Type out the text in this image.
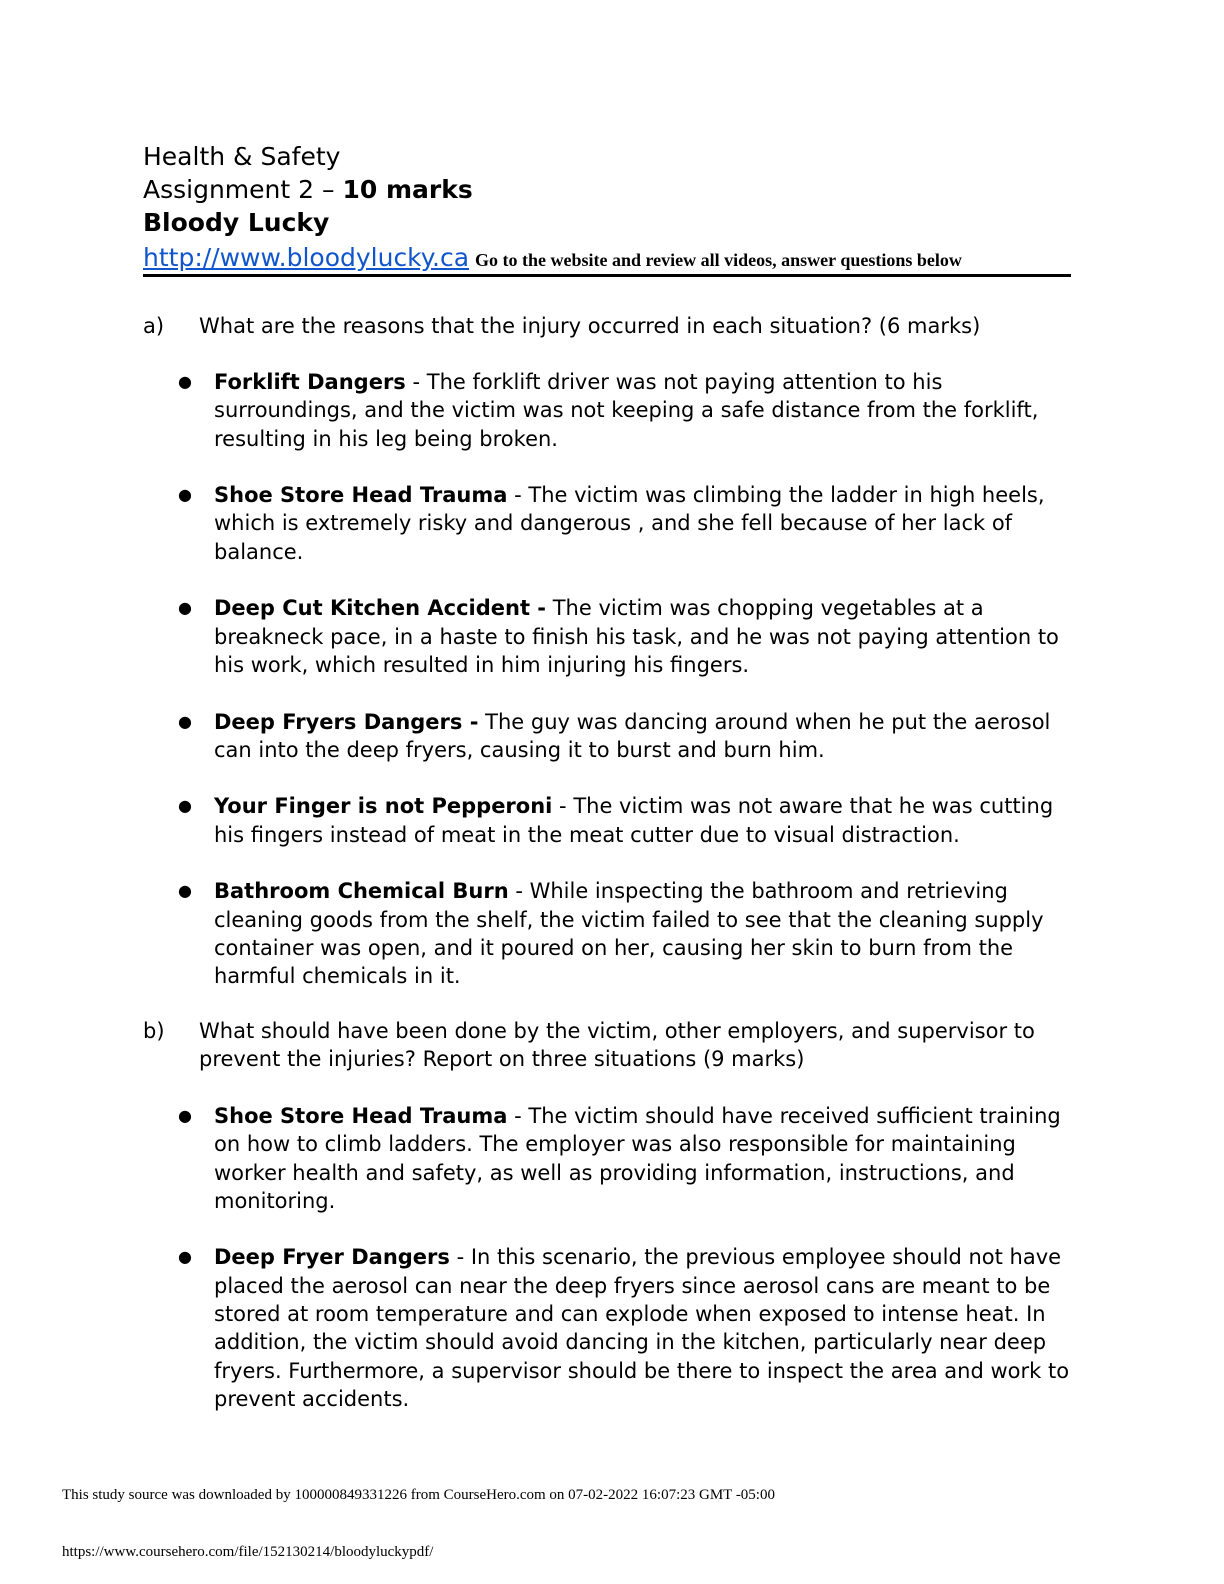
Health & Safety
Assignment 2 – 10 marks
Bloody Lucky
http://www.bloodylucky.ca Go to the website and review all videos, answer questions below
a) What are the reasons that the injury occurred in each situation? (6 marks)
● Forklift Dangers - The forklift driver was not paying attention to his surroundings, and the victim was not keeping a safe distance from the forklift, resulting in his leg being broken.
● Shoe Store Head Trauma - The victim was climbing the ladder in high heels, which is extremely risky and dangerous , and she fell because of her lack of balance.
● Deep Cut Kitchen Accident - The victim was chopping vegetables at a breakneck pace, in a haste to finish his task, and he was not paying attention to his work, which resulted in him injuring his fingers.
● Deep Fryers Dangers - The guy was dancing around when he put the aerosol can into the deep fryers, causing it to burst and burn him.
● Your Finger is not Pepperoni - The victim was not aware that he was cutting his fingers instead of meat in the meat cutter due to visual distraction.
● Bathroom Chemical Burn - While inspecting the bathroom and retrieving cleaning goods from the shelf, the victim failed to see that the cleaning supply container was open, and it poured on her, causing her skin to burn from the harmful chemicals in it.
b) What should have been done by the victim, other employers, and supervisor to prevent the injuries? Report on three situations (9 marks)
● Shoe Store Head Trauma - The victim should have received sufficient training on how to climb ladders. The employer was also responsible for maintaining worker health and safety, as well as providing information, instructions, and monitoring.
● Deep Fryer Dangers - In this scenario, the previous employee should not have placed the aerosol can near the deep fryers since aerosol cans are meant to be stored at room temperature and can explode when exposed to intense heat. In addition, the victim should avoid dancing in the kitchen, particularly near deep fryers. Furthermore, a supervisor should be there to inspect the area and work to prevent accidents.
This study source was downloaded by 100000849331226 from CourseHero.com on 07-02-2022 16:07:23 GMT -05:00
https://www.coursehero.com/file/152130214/bloodyluckypdf/
